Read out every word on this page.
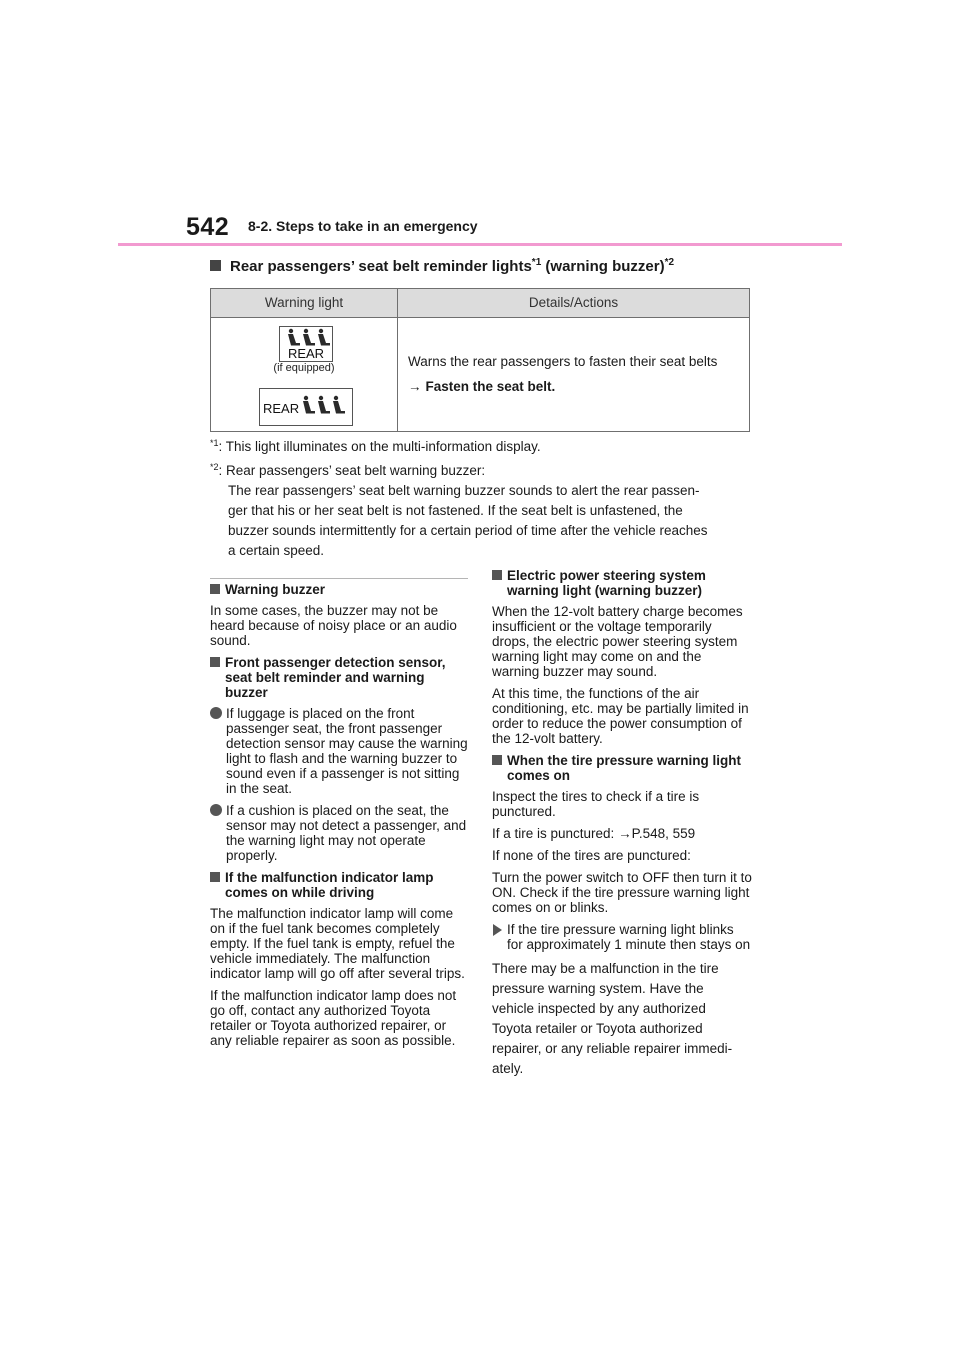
542 8-2. Steps to take in an emergency
Rear passengers’ seat belt reminder lights$^{*1}$ (warning buzzer)$^{*2}$
Warning light	Details/Actions
REAR
(if equipped)
REAR
Warns the rear passengers to fasten their seat belts
→ Fasten the seat belt.
$^{*1}$: This light illuminates on the multi-information display.
$^{*2}$: Rear passengers’ seat belt warning buzzer:
The rear passengers’ seat belt warning buzzer sounds to alert the rear passen-
ger that his or her seat belt is not fastened. If the seat belt is unfastened, the
buzzer sounds intermittently for a certain period of time after the vehicle reaches
a certain speed.
Warning buzzer

In some cases, the buzzer may not be heard because of noisy place or an audio sound.

Front passenger detection sensor, seat belt reminder and warning buzzer
If luggage is placed on the front passenger seat, the front passenger detection sensor may cause the warning light to flash and the warning buzzer to sound even if a passenger is not sitting in the seat.
If a cushion is placed on the seat, the sensor may not detect a passenger, and the warning light may not operate properly.
If the malfunction indicator lamp comes on while driving

The malfunction indicator lamp will come on if the fuel tank becomes completely empty. If the fuel tank is empty, refuel the vehicle immediately. The malfunction indicator lamp will go off after several trips.

If the malfunction indicator lamp does not go off, contact any authorized Toyota retailer or Toyota authorized repairer, or any reliable repairer as soon as possible.

Electric power steering system warning light (warning buzzer)

When the 12-volt battery charge becomes insufficient or the voltage temporarily drops, the electric power steering system warning light may come on and the warning buzzer may sound.

At this time, the functions of the air conditioning, etc. may be partially limited in order to reduce the power consumption of the 12-volt battery.

When the tire pressure warning light comes on

Inspect the tires to check if a tire is punctured.

If a tire is punctured: →P.548, 559

If none of the tires are punctured:

Turn the power switch to OFF then turn it to ON. Check if the tire pressure warning light comes on or blinks.

If the tire pressure warning light blinks for approximately 1 minute then stays on

There may be a malfunction in the tire

pressure warning system. Have the

vehicle inspected by any authorized

Toyota retailer or Toyota authorized

repairer, or any reliable repairer immedi-

ately.
